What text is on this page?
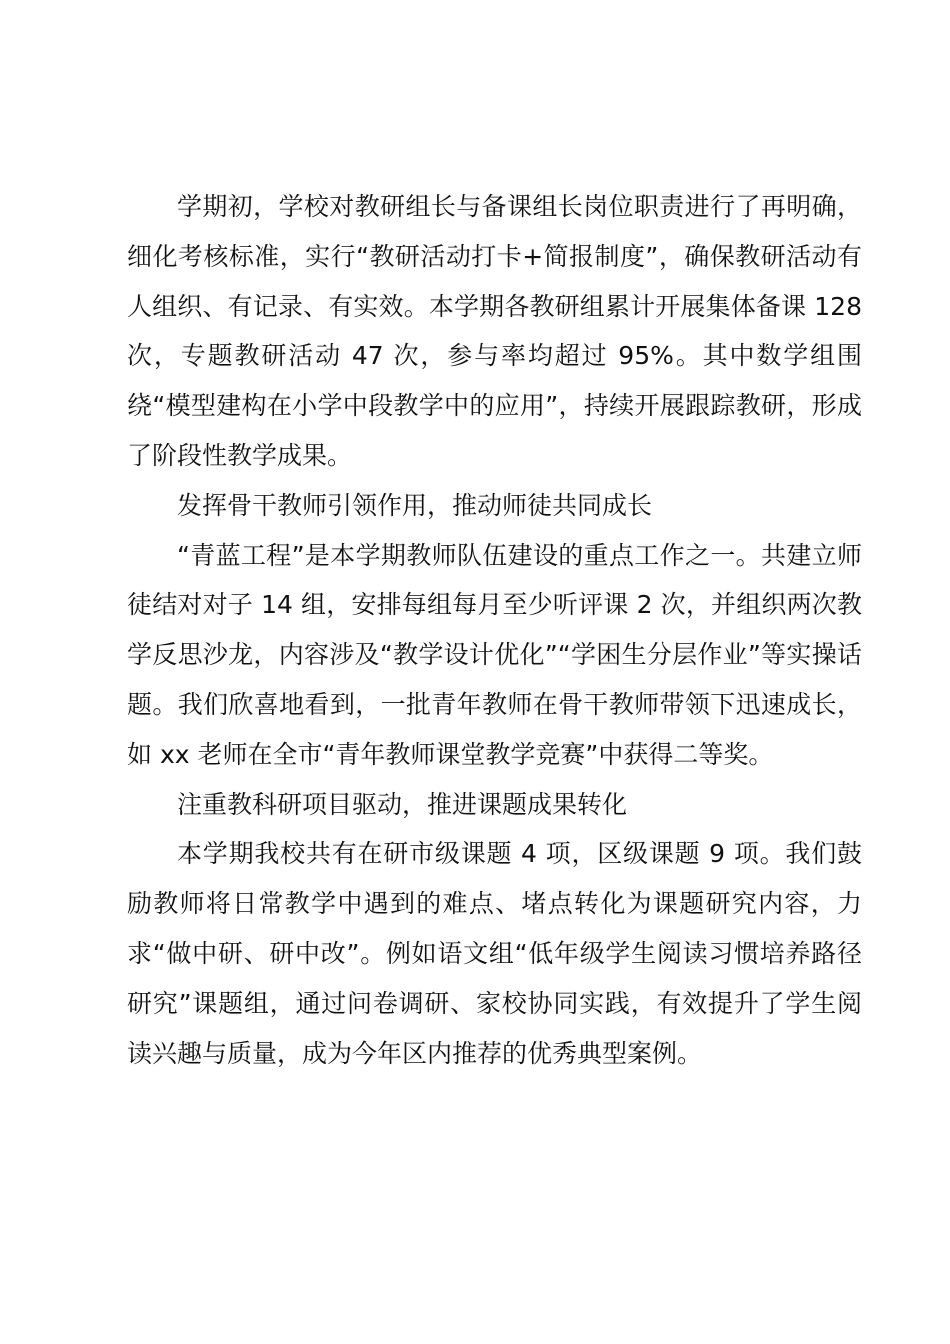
学期初，学校对教研组长与备课组长岗位职责进行了再明确，细化考核标准，实行“教研活动打卡+简报制度”，确保教研活动有人组织、有记录、有实效。本学期各教研组累计开展集体备课 128 次，专题教研活动 47 次，参与率均超过 95%。其中数学组围绕“模型建构在小学中段教学中的应用”，持续开展跟踪教研，形成了阶段性教学成果。

发挥骨干教师引领作用，推动师徒共同成长

“青蓝工程”是本学期教师队伍建设的重点工作之一。共建立师徒结对对子 14 组，安排每组每月至少听评课 2 次，并组织两次教学反思沙龙，内容涉及“教学设计优化”“学困生分层作业”等实操话题。我们欣喜地看到，一批青年教师在骨干教师带领下迅速成长，如 xx 老师在全市“青年教师课堂教学竞赛”中获得二等奖。

注重教科研项目驱动，推进课题成果转化

本学期我校共有在研市级课题 4 项，区级课题 9 项。我们鼓励教师将日常教学中遇到的难点、堵点转化为课题研究内容，力求“做中研、研中改”。例如语文组“低年级学生阅读习惯培养路径研究”课题组，通过问卷调研、家校协同实践，有效提升了学生阅读兴趣与质量，成为今年区内推荐的优秀典型案例。
